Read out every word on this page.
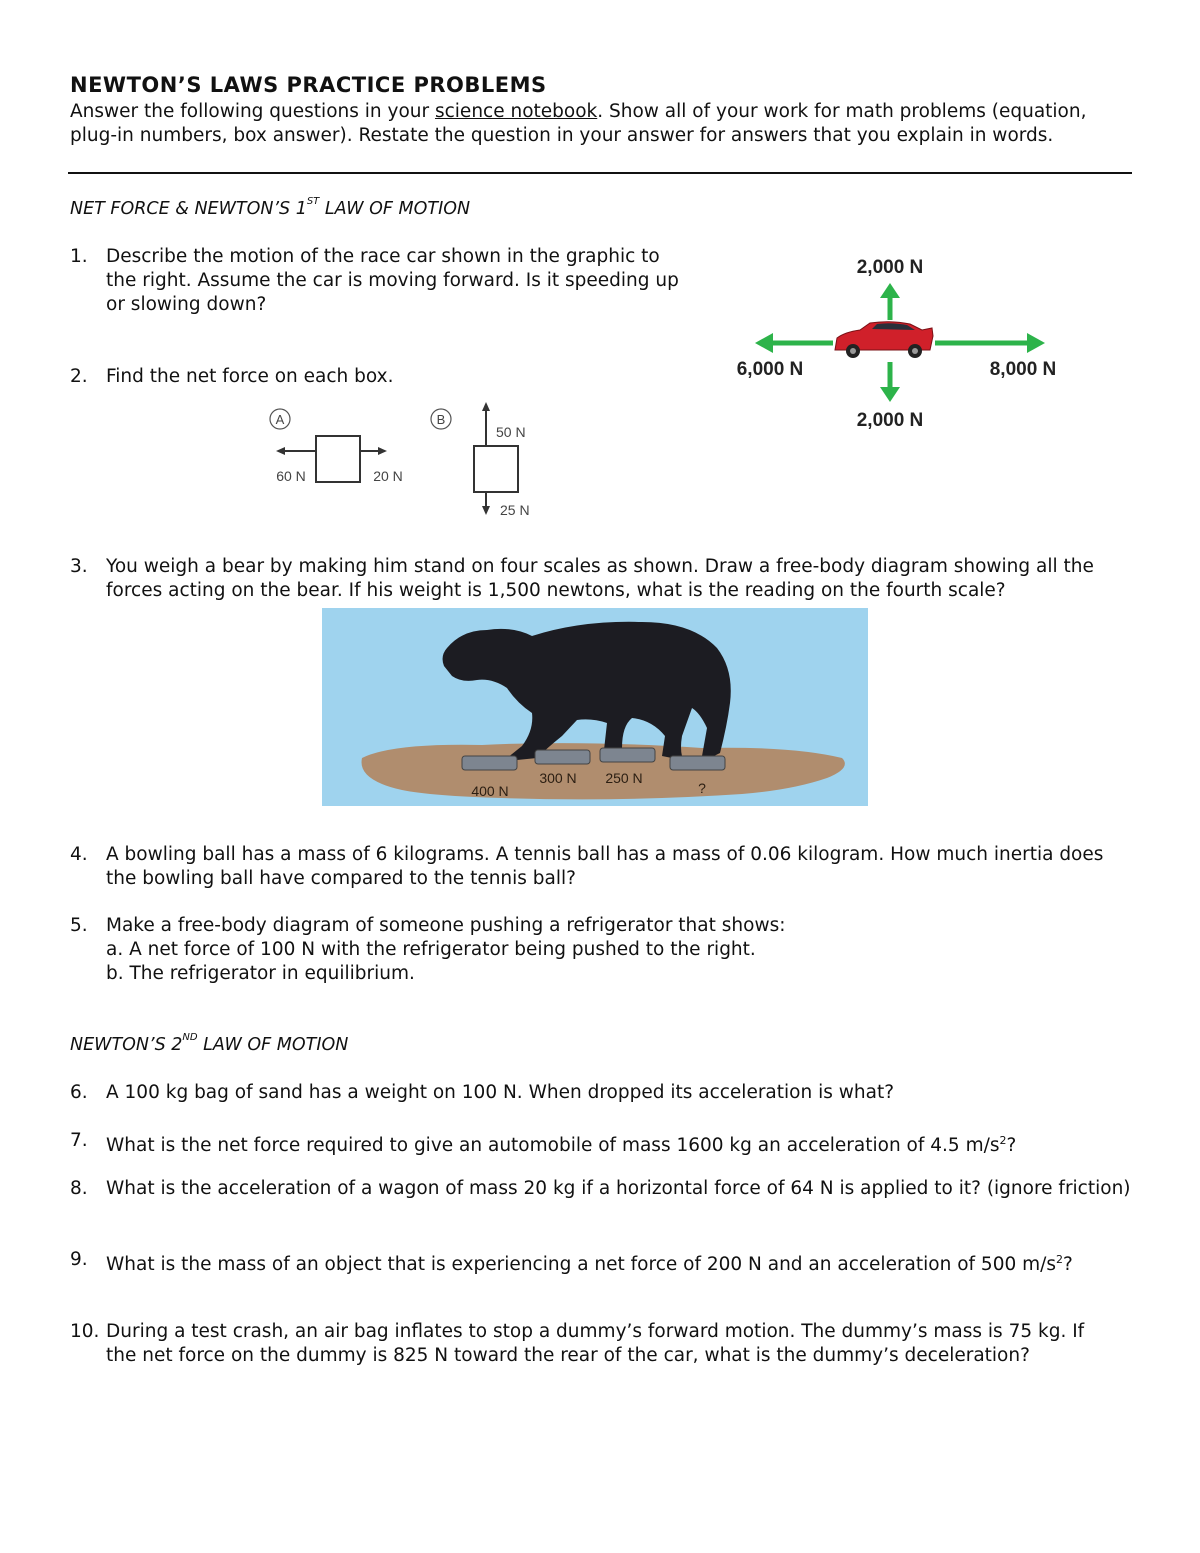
NEWTON’S LAWS PRACTICE PROBLEMS
Answer the following questions in your science notebook. Show all of your work for math problems (equation, plug-in numbers, box answer). Restate the question in your answer for answers that you explain in words.
NET FORCE & NEWTON’S 1ST LAW OF MOTION
1. Describe the motion of the race car shown in the graphic to the right. Assume the car is moving forward. Is it speeding up or slowing down?
2. Find the net force on each box.
2,000 N
2,000 N
6,000 N	8,000 N
A
60 N	20 N
B
50 N
25 N
3. You weigh a bear by making him stand on four scales as shown. Draw a free-body diagram showing all the forces acting on the bear. If his weight is 1,500 newtons, what is the reading on the fourth scale?
400 N
300 N 250 N
?
4. A bowling ball has a mass of 6 kilograms. A tennis ball has a mass of 0.06 kilogram. How much inertia does the bowling ball have compared to the tennis ball?
5. Make a free-body diagram of someone pushing a refrigerator that shows:
a. A net force of 100 N with the refrigerator being pushed to the right.
b. The refrigerator in equilibrium.
NEWTON’S 2ND LAW OF MOTION
6. A 100 kg bag of sand has a weight on 100 N. When dropped its acceleration is what?
7. What is the net force required to give an automobile of mass 1600 kg an acceleration of 4.5 $m/s^2$?
8. What is the acceleration of a wagon of mass 20 kg if a horizontal force of 64 N is applied to it? (ignore friction)
9. What is the mass of an object that is experiencing a net force of 200 N and an acceleration of 500 $m/s^2$?
10. During a test crash, an air bag inflates to stop a dummy’s forward motion. The dummy’s mass is 75 kg. If the net force on the dummy is 825 N toward the rear of the car, what is the dummy’s deceleration?
